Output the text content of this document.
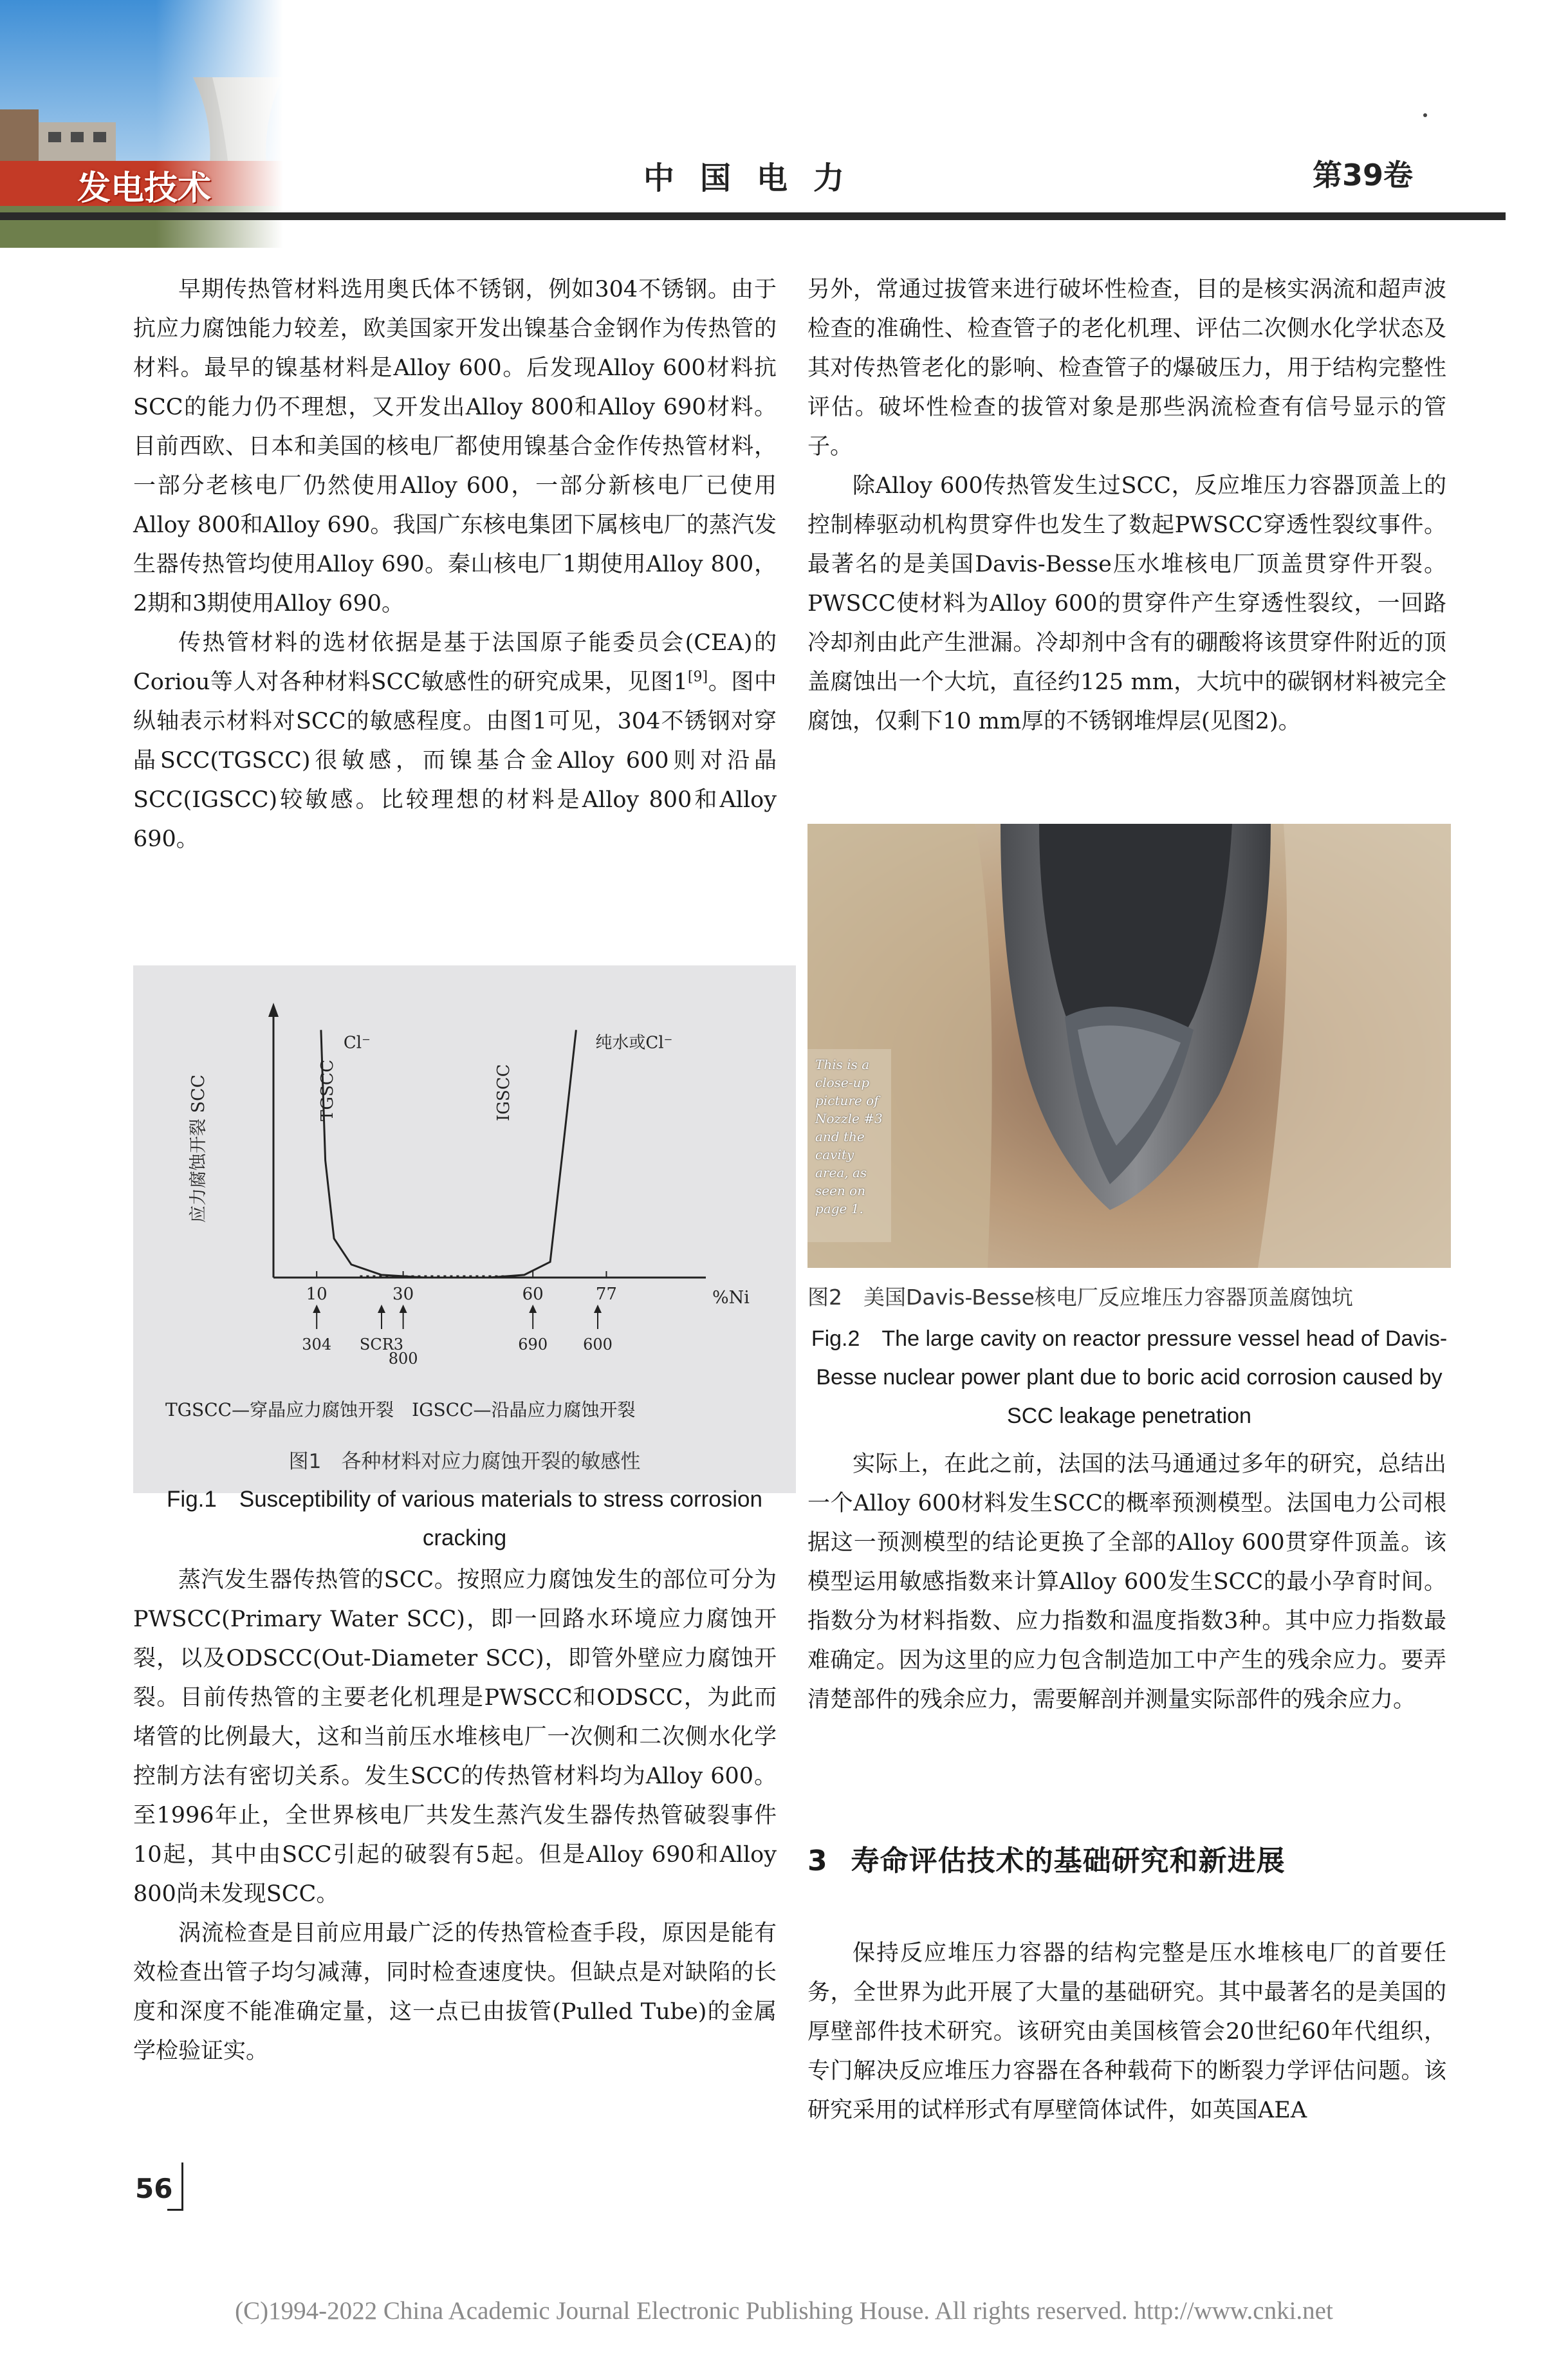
发电技术	中国电力	第39卷

早期传热管材料选用奥氏体不锈钢，例如304不锈钢。由于抗应力腐蚀能力较差，欧美国家开发出镍基合金钢作为传热管的材料。最早的镍基材料是Alloy 600。后发现Alloy 600材料抗SCC的能力仍不理想，又开发出Alloy 800和Alloy 690材料。目前西欧、日本和美国的核电厂都使用镍基合金作传热管材料，一部分老核电厂仍然使用Alloy 600，一部分新核电厂已使用Alloy 800和Alloy 690。我国广东核电集团下属核电厂的蒸汽发生器传热管均使用Alloy 690。秦山核电厂1期使用Alloy 800，2期和3期使用Alloy 690。

传热管材料的选材依据是基于法国原子能委员会(CEA)的Coriou等人对各种材料SCC敏感性的研究成果，见图1[9]。图中纵轴表示材料对SCC的敏感程度。由图1可见，304不锈钢对穿晶SCC(TGSCC)很敏感，而镍基合金Alloy 600则对沿晶SCC(IGSCC)较敏感。比较理想的材料是Alloy 800和Alloy 690。

应力腐蚀开裂 SCC
%Ni
10	30	60	77
TGSCC
Cl⁻
IGSCC
纯水或Cl⁻
304 SCR3
800
690 600
TGSCC—穿晶应力腐蚀开裂　IGSCC—沿晶应力腐蚀开裂
图1　各种材料对应力腐蚀开裂的敏感性
Fig.1　Susceptibility of various materials to stress corrosion cracking

蒸汽发生器传热管的SCC。按照应力腐蚀发生的部位可分为PWSCC(Primary Water SCC)，即一回路水环境应力腐蚀开裂，以及ODSCC(Out-Diameter SCC)，即管外壁应力腐蚀开裂。目前传热管的主要老化机理是PWSCC和ODSCC，为此而堵管的比例最大，这和当前压水堆核电厂一次侧和二次侧水化学控制方法有密切关系。发生SCC的传热管材料均为Alloy 600。至1996年止，全世界核电厂共发生蒸汽发生器传热管破裂事件10起，其中由SCC引起的破裂有5起。但是Alloy 690和Alloy 800尚未发现SCC。

涡流检查是目前应用最广泛的传热管检查手段，原因是能有效检查出管子均匀减薄，同时检查速度快。但缺点是对缺陷的长度和深度不能准确定量，这一点已由拔管(Pulled Tube)的金属学检验证实。

另外，常通过拔管来进行破坏性检查，目的是核实涡流和超声波检查的准确性、检查管子的老化机理、评估二次侧水化学状态及其对传热管老化的影响、检查管子的爆破压力，用于结构完整性评估。破坏性检查的拔管对象是那些涡流检查有信号显示的管子。

除Alloy 600传热管发生过SCC，反应堆压力容器顶盖上的控制棒驱动机构贯穿件也发生了数起PWSCC穿透性裂纹事件。最著名的是美国Davis-Besse压水堆核电厂顶盖贯穿件开裂。PWSCC使材料为Alloy 600的贯穿件产生穿透性裂纹，一回路冷却剂由此产生泄漏。冷却剂中含有的硼酸将该贯穿件附近的顶盖腐蚀出一个大坑，直径约125 mm，大坑中的碳钢材料被完全腐蚀，仅剩下10 mm厚的不锈钢堆焊层(见图2)。

This is a close-up picture of Nozzle #3 and the cavity area, as seen on page 1.
图2　美国Davis-Besse核电厂反应堆压力容器顶盖腐蚀坑
Fig.2　The large cavity on reactor pressure vessel head of Davis-Besse nuclear power plant due to boric acid corrosion caused by SCC leakage penetration

实际上，在此之前，法国的法马通通过多年的研究，总结出一个Alloy 600材料发生SCC的概率预测模型。法国电力公司根据这一预测模型的结论更换了全部的Alloy 600贯穿件顶盖。该模型运用敏感指数来计算Alloy 600发生SCC的最小孕育时间。指数分为材料指数、应力指数和温度指数3种。其中应力指数最难确定。因为这里的应力包含制造加工中产生的残余应力。要弄清楚部件的残余应力，需要解剖并测量实际部件的残余应力。

3 寿命评估技术的基础研究和新进展

保持反应堆压力容器的结构完整是压水堆核电厂的首要任务，全世界为此开展了大量的基础研究。其中最著名的是美国的厚壁部件技术研究。该研究由美国核管会20世纪60年代组织，专门解决反应堆压力容器在各种载荷下的断裂力学评估问题。该研究采用的试样形式有厚壁筒体试件，如英国AEA

56
(C)1994-2022 China Academic Journal Electronic Publishing House. All rights reserved. http://www.cnki.net
